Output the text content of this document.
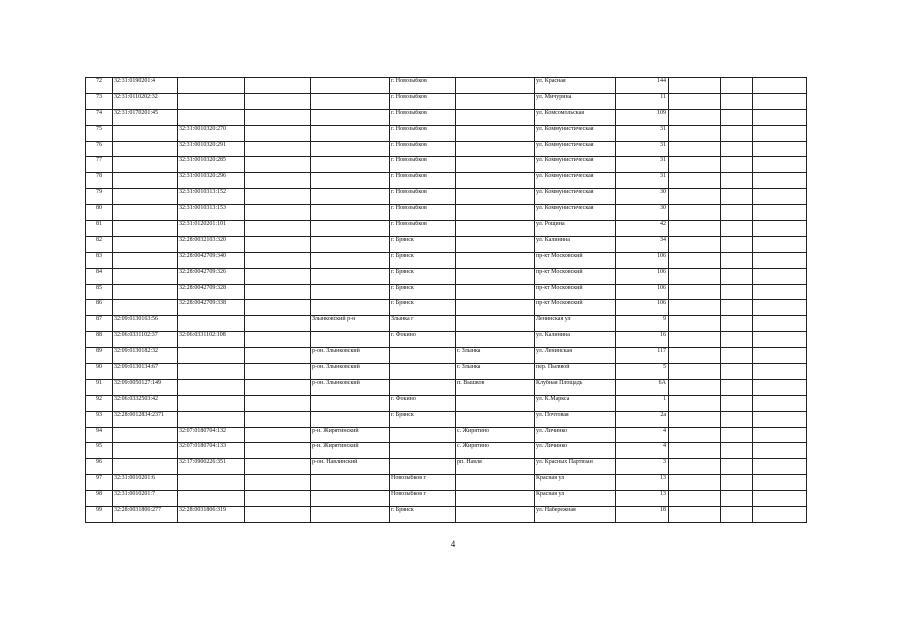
72	32:31:0190201:4				г. Новозыбков		ул. Красная	144			
73	32:31:0110202:32				г. Новозыбков		ул. Мичурина	11			
74	32:31:0170201:45				г. Новозыбков		ул. Комсомольская	109			
75		32:31:0010320:270			г. Новозыбков		ул. Коммунистическая	31			
76		32:31:0010320:291			г. Новозыбков		ул. Коммунистическая	31			
77		32:31:0010320:285			г. Новозыбков		ул. Коммунистическая	31			
78		32:31:0010320:296			г. Новозыбков		ул. Коммунистическая	31			
79		32:31:0010313:152			г. Новозыбков		ул. Коммунистическая	30			
80		32:31:0010313:153			г. Новозыбков		ул. Коммунистическая	30			
81		32:31:0120201:101			г. Новозыбков		ул. Рощина	42			
82		32:28:0032103:320			г. Брянск		ул. Калинина	34			
83		32:28:0042709:340			г. Брянск		пр-кт Московский	106			
84		32:28:0042709:326			г. Брянск		пр-кт Московский	106			
85		32:28:0042709:328			г. Брянск		пр-кт Московский	106			
86		32:28:0042709:338			г. Брянск		пр-кт Московский	106			
87	32:09:0130163:56			Злынковский р-н	Злынка г		Ленинская ул	9			
88	32:06:0331102:37	32:06:0331102:108			г. Фокино		ул. Калинина	16			
89	32:09:0130182:32			р-он. Злынковский		г. Злынка	ул. Ленинская	117			
90	32:09:0130134:67			р-он. Злынковский		г. Злынка	пер. Пьеввой	5			
91	32:09:0050127:149			р-он. Злынковский		п. Вышков	Клубная Площадь	6А			
92	32:06:0332503:42				г. Фокино		ул. К.Маркса	1			
93	32:28:0012834:2371				г. Брянск		ул. Почтовая	2а			
94		32:07:0180704:132		р-н. Жирятинский		с. Жирятино	ул. Личинко	4			
95		32:07:0180704:133		р-н. Жирятинский		с. Жирятино	ул. Личинко	4			
96		32:17:0900226:351		р-он. Навлинский		рп. Навля	ул. Красных Партизан	3			
97	32:31:0010201:6				Новозыбков г		Красная ул	13			
98	32:31:0010201:7				Новозыбков г		Красная ул	13			
99	32:28:0031806:277	32:28:0031806:319			г. Брянск		ул. Набережная	18			
4
